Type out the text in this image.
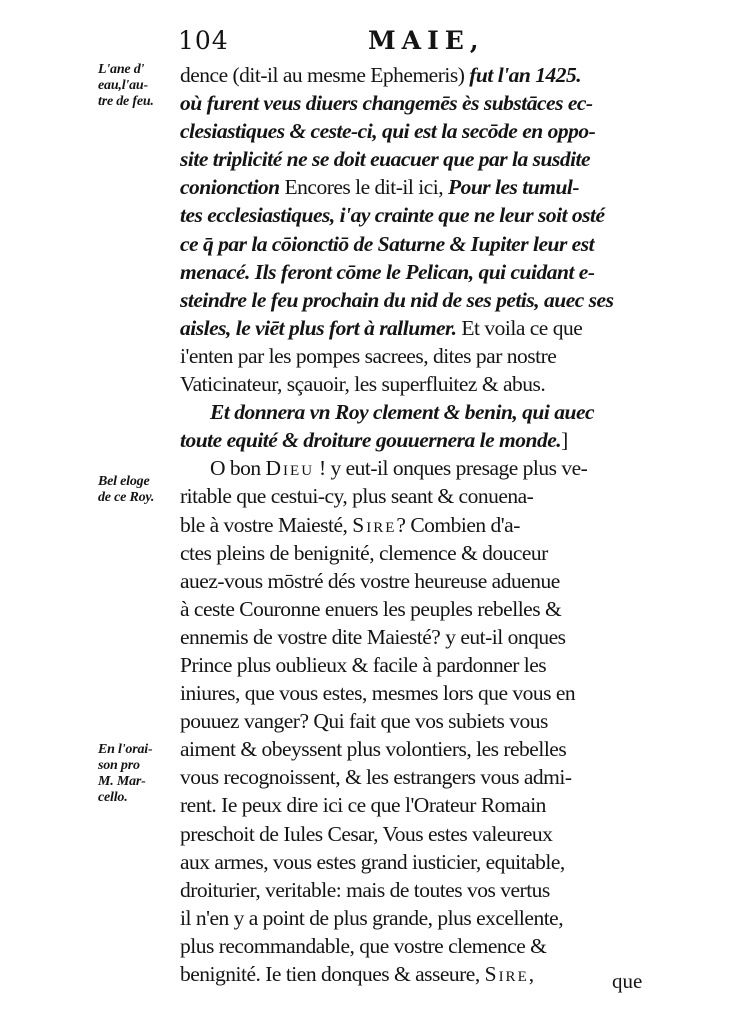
104	MAIE,
L'ane d'
eau,l'au-
tre de feu.
Bel eloge
de ce Roy.
En l'orai-
son pro
M. Mar-
cello.
dence (dit-il au mesme Ephemeris) fut l'an 1425.
où furent veus diuers changemēs ès substāces ec-
clesiastiques & ceste-ci, qui est la secōde en oppo-
site triplicité ne se doit euacuer que par la susdite
conionction Encores le dit-il ici, Pour les tumul-
tes ecclesiastiques, i'ay crainte que ne leur soit osté
ce q̄ par la cōionctiō de Saturne & Iupiter leur est
menacé. Ils feront cōme le Pelican, qui cuidant e-
steindre le feu prochain du nid de ses petis, auec ses
aisles, le viēt plus fort à rallumer. Et voila ce que
i'enten par les pompes sacrees, dites par nostre
Vaticinateur, sçauoir, les superfluitez & abus.
Et donnera vn Roy clement & benin, qui auec
toute equité & droiture gouuernera le monde.]
O bon Dieu ! y eut-il onques presage plus ve-
ritable que cestui-cy, plus seant & conuena-
ble à vostre Maiesté, Sire? Combien d'a-
ctes pleins de benignité, clemence & douceur
auez-vous mōstré dés vostre heureuse aduenue
à ceste Couronne enuers les peuples rebelles &
ennemis de vostre dite Maiesté? y eut-il onques
Prince plus oublieux & facile à pardonner les
iniures, que vous estes, mesmes lors que vous en
pouuez vanger? Qui fait que vos subiets vous
aiment & obeyssent plus volontiers, les rebelles
vous recognoissent, & les estrangers vous admi-
rent. Ie peux dire ici ce que l'Orateur Romain
preschoit de Iules Cesar, Vous estes valeureux
aux armes, vous estes grand iusticier, equitable,
droiturier, veritable: mais de toutes vos vertus
il n'en y a point de plus grande, plus excellente,
plus recommandable, que vostre clemence &
benignité. Ie tien donques & asseure, Sire,	que
